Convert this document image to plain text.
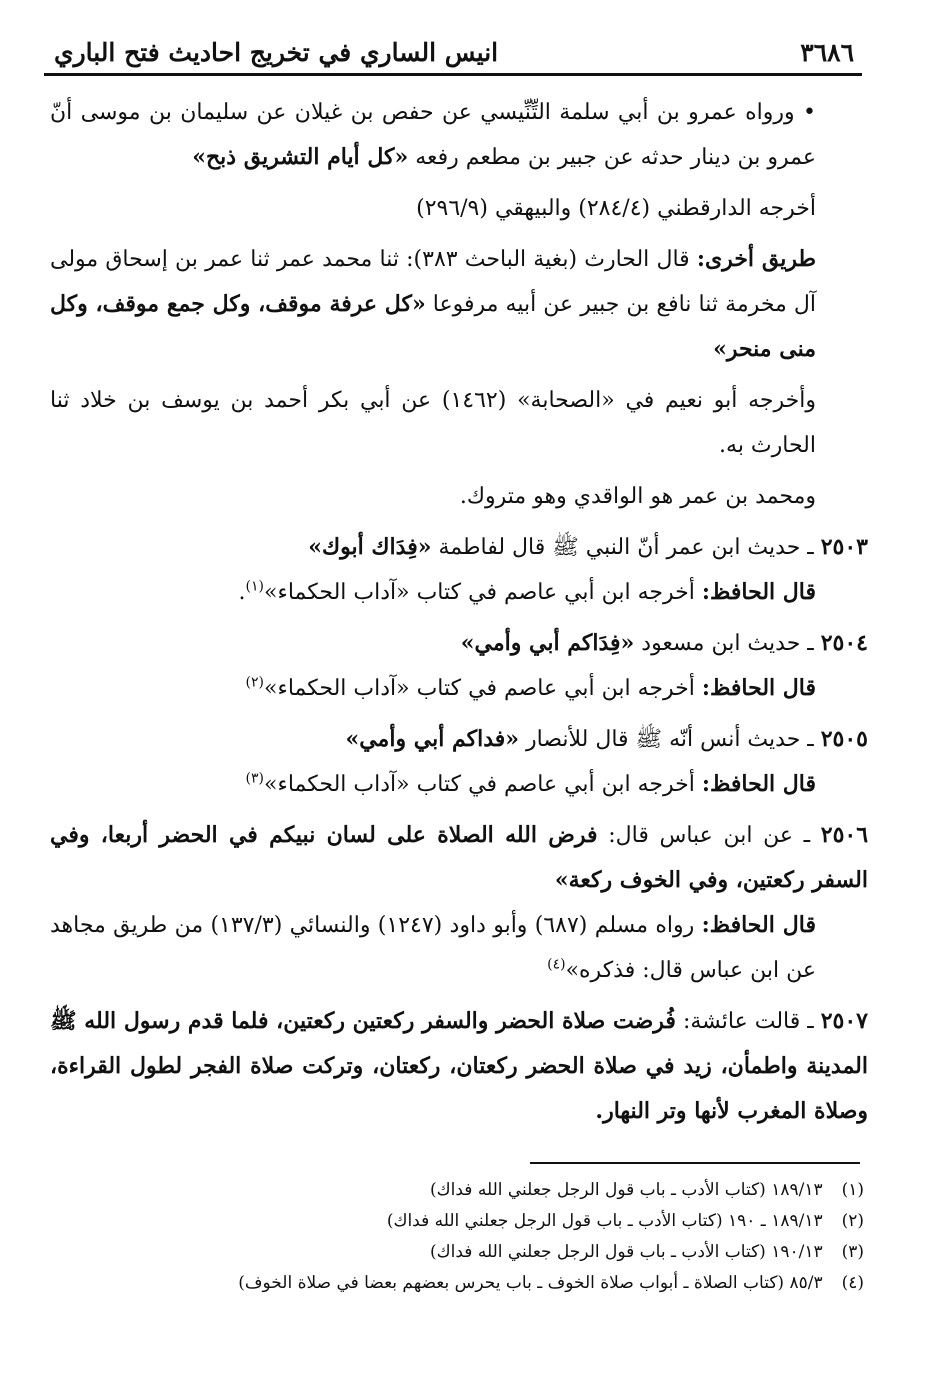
٣٦٨٦
انيس الساري في تخريج احاديث فتح الباري

• ورواه عمرو بن أبي سلمة التِّنِّيسي عن حفص بن غيلان عن سليمان بن موسى أنّ عمرو بن دينار حدثه عن جبير بن مطعم رفعه «كل أيام التشريق ذبح»

أخرجه الدارقطني (٢٨٤/٤) والبيهقي (٢٩٦/٩)

طريق أخرى: قال الحارث (بغية الباحث ٣٨٣): ثنا محمد عمر ثنا عمر بن إسحاق مولى آل مخرمة ثنا نافع بن جبير عن أبيه مرفوعا «كل عرفة موقف، وكل جمع موقف، وكل منى منحر»

وأخرجه أبو نعيم في «الصحابة» (١٤٦٢) عن أبي بكر أحمد بن يوسف بن خلاد ثنا الحارث به.

ومحمد بن عمر هو الواقدي وهو متروك.

٢٥٠٣ ـ حديث ابن عمر أنّ النبي ﷺ قال لفاطمة «فِدَاك أبوك»

قال الحافظ: أخرجه ابن أبي عاصم في كتاب «آداب الحكماء»$^{(١)}$.

٢٥٠٤ ـ حديث ابن مسعود «فِدَاكم أبي وأمي»

قال الحافظ: أخرجه ابن أبي عاصم في كتاب «آداب الحكماء»$^{(٢)}$

٢٥٠٥ ـ حديث أنس أنّه ﷺ قال للأنصار «فداكم أبي وأمي»

قال الحافظ: أخرجه ابن أبي عاصم في كتاب «آداب الحكماء»$^{(٣)}$

٢٥٠٦ ـ عن ابن عباس قال: فرض الله الصلاة على لسان نبيكم في الحضر أربعا، وفي السفر ركعتين، وفي الخوف ركعة»

قال الحافظ: رواه مسلم (٦٨٧) وأبو داود (١٢٤٧) والنسائي (١٣٧/٣) من طريق مجاهد عن ابن عباس قال: فذكره»$^{(٤)}$

٢٥٠٧ ـ قالت عائشة: فُرضت صلاة الحضر والسفر ركعتين ركعتين، فلما قدم رسول الله ﷺ المدينة واطمأن، زيد في صلاة الحضر ركعتان، ركعتان، وتركت صلاة الفجر لطول القراءة، وصلاة المغرب لأنها وتر النهار.

(١) ١٨٩/١٣ (كتاب الأدب ـ باب قول الرجل جعلني الله فداك)

(٢) ١٨٩/١٣ ـ ١٩٠ (كتاب الأدب ـ باب قول الرجل جعلني الله فداك)

(٣) ١٩٠/١٣ (كتاب الأدب ـ باب قول الرجل جعلني الله فداك)

(٤) ٨٥/٣ (كتاب الصلاة ـ أبواب صلاة الخوف ـ باب يحرس بعضهم بعضا في صلاة الخوف)
